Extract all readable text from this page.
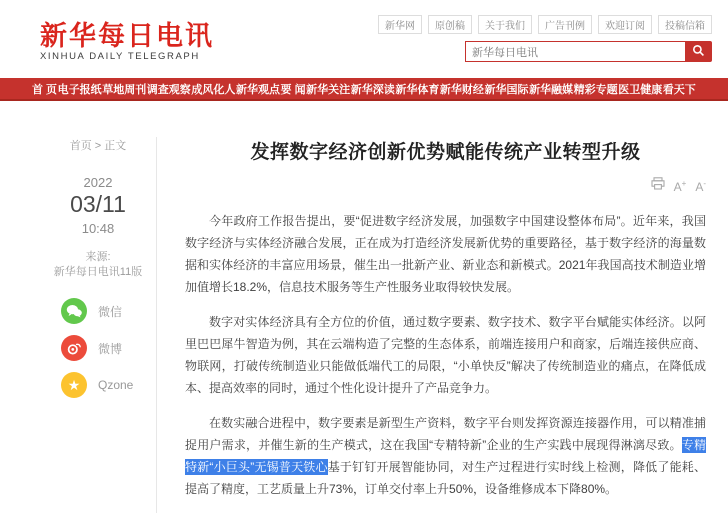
新华每日电讯
XINHUA DAILY TELEGRAPH
新华网	原创稿	关于我们	广告刊例	欢迎订阅	投稿信箱
新华每日电讯
首 页 电子报纸 草地周刊 调查观察 成风化人 新华观点 要 闻 新华关注 新华深读 新华体育 新华财经 新华国际 新华融媒 精彩专题 医卫健康 看天下
首页 > 正文
2022
03/11
10:48
来源:
新华每日电讯11版
微信
微博
★ Qzone
发挥数字经济创新优势赋能传统产业转型升级
A+ A-

今年政府工作报告提出，要“促进数字经济发展，加强数字中国建设整体布局”。近年来，我国数字经济与实体经济融合发展，正在成为打造经济发展新优势的重要路径，基于数字经济的海量数据和实体经济的丰富应用场景，催生出一批新产业、新业态和新模式。2021年我国高技术制造业增加值增长18.2%，信息技术服务等生产性服务业取得较快发展。

数字对实体经济具有全方位的价值，通过数字要素、数字技术、数字平台赋能实体经济。以阿里巴巴犀牛智造为例，其在云端构造了完整的生态体系，前端连接用户和商家，后端连接供应商、物联网，打破传统制造业只能做低端代工的局限，“小单快反”解决了传统制造业的痛点，在降低成本、提高效率的同时，通过个性化设计提升了产品竞争力。

在数实融合进程中，数字要素是新型生产资料，数字平台则发挥资源连接器作用，可以精准捕捉用户需求，并催生新的生产模式，这在我国“专精特新”企业的生产实践中展现得淋漓尽致。专精特新“小巨头”无锡普天铁心基于钉钉开展智能协同，对生产过程进行实时线上检测，降低了能耗、提高了精度，工艺质量上升73%，订单交付率上升50%，设备维修成本下降80%。
